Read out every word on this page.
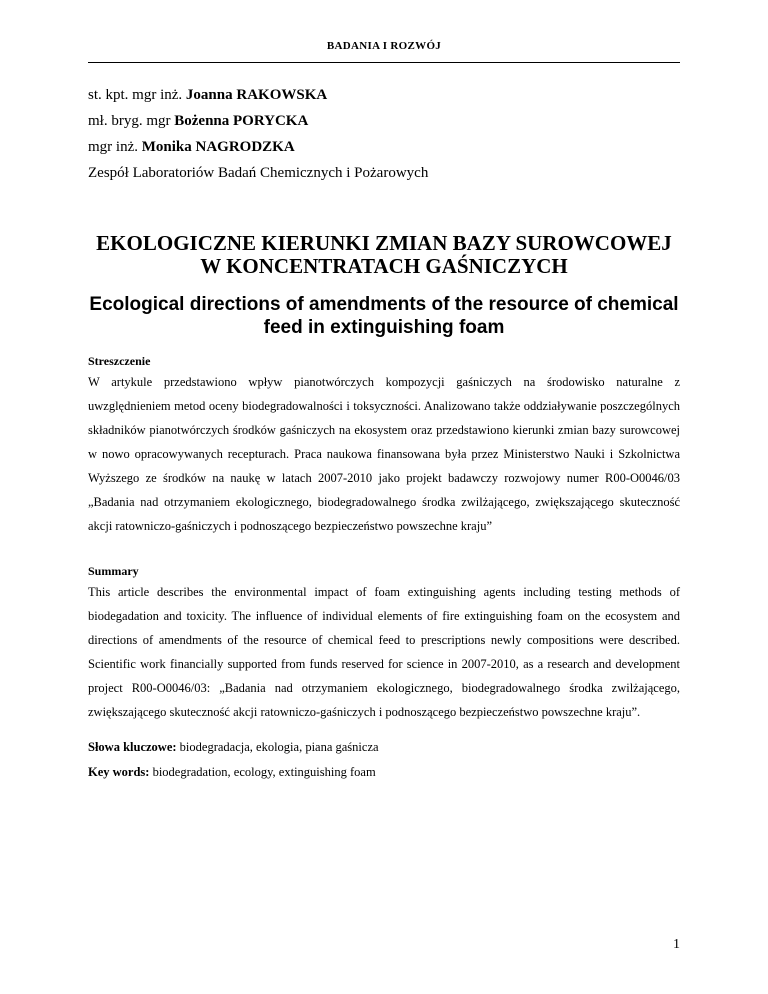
BADANIA I ROZWÓJ
st. kpt. mgr inż. Joanna RAKOWSKA
mł. bryg. mgr Bożenna PORYCKA
mgr inż. Monika NAGRODZKA
Zespół Laboratoriów Badań Chemicznych i Pożarowych
EKOLOGICZNE KIERUNKI ZMIAN BAZY SUROWCOWEJ
W KONCENTRATACH GAŚNICZYCH
Ecological directions of amendments of the resource of chemical
feed in extinguishing foam
Streszczenie

W artykule przedstawiono wpływ pianotwórczych kompozycji gaśniczych na środowisko naturalne z uwzględnieniem metod oceny biodegradowalności i toksyczności. Analizowano także oddziaływanie poszczególnych składników pianotwórczych środków gaśniczych na ekosystem oraz przedstawiono kierunki zmian bazy surowcowej w nowo opracowywanych recepturach. Praca naukowa finansowana była przez Ministerstwo Nauki i Szkolnictwa Wyższego ze środków na naukę w latach 2007-2010 jako projekt badawczy rozwojowy numer R00-O0046/03 „Badania nad otrzymaniem ekologicznego, biodegradowalnego środka zwilżającego, zwiększającego skuteczność akcji ratowniczo-gaśniczych i podnoszącego bezpieczeństwo powszechne kraju”

Summary

This article describes the environmental impact of foam extinguishing agents including testing methods of biodegadation and toxicity. The influence of individual elements of fire extinguishing foam on the ecosystem and directions of amendments of the resource of chemical feed to prescriptions newly compositions were described. Scientific work financially supported from funds reserved for science in 2007-2010, as a research and development project R00-O0046/03: „Badania nad otrzymaniem ekologicznego, biodegradowalnego środka zwilżającego, zwiększającego skuteczność akcji ratowniczo-gaśniczych i podnoszącego bezpieczeństwo powszechne kraju”.

Słowa kluczowe: biodegradacja, ekologia, piana gaśnicza
Key words: biodegradation, ecology, extinguishing foam
1
